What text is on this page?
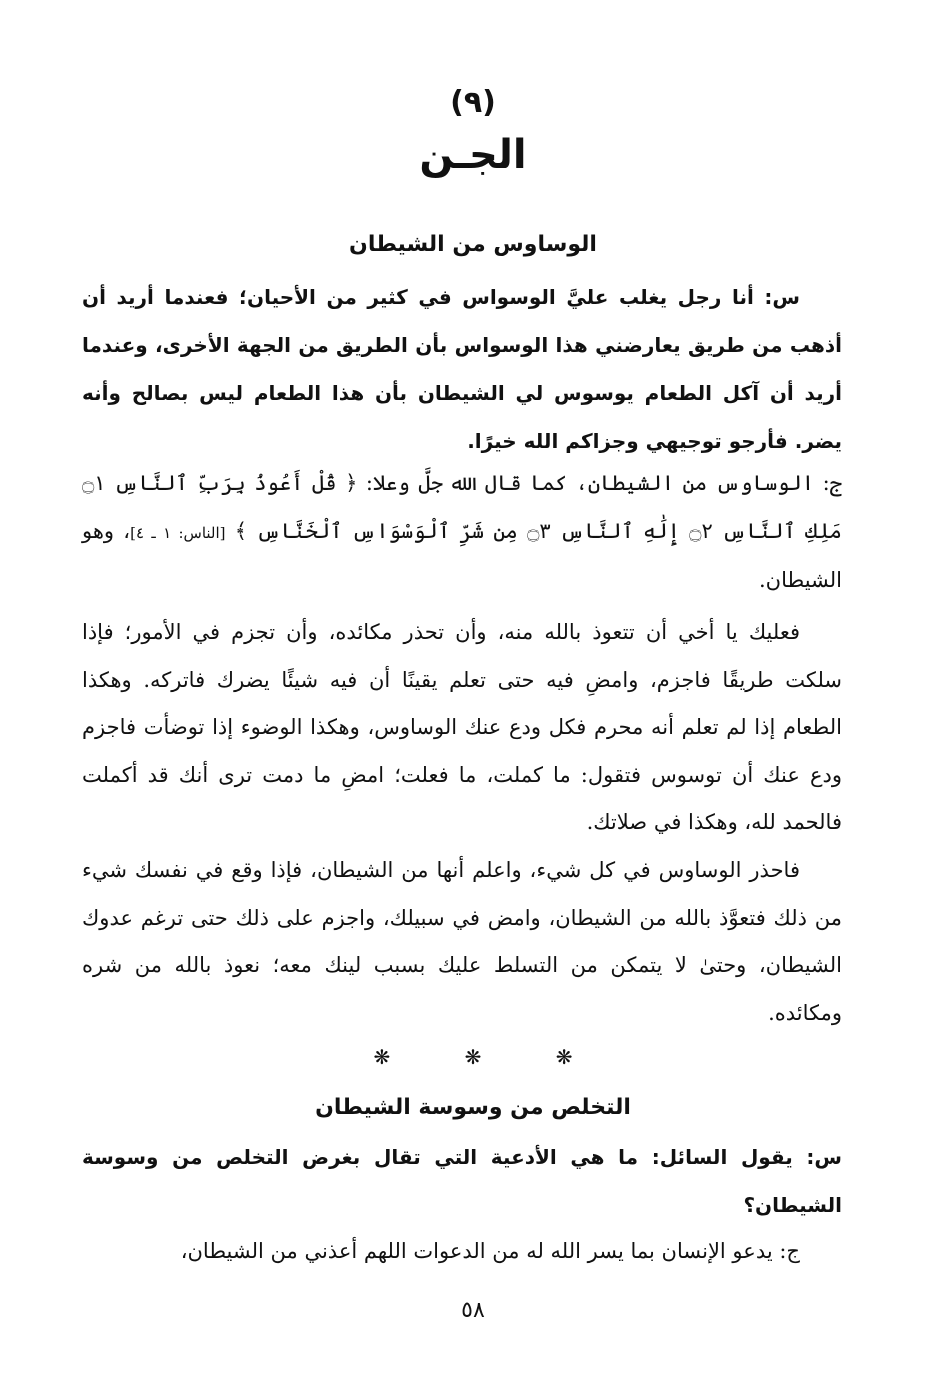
(٩)
الجـن
الوساوس من الشيطان
س: أنا رجل يغلب عليَّ الوسواس في كثير من الأحيان؛ فعندما أريد أن أذهب من طريق يعارضني هذا الوسواس بأن الطريق من الجهة الأخرى، وعندما أريد أن آكل الطعام يوسوس لي الشيطان بأن هذا الطعام ليس بصالح وأنه يضر. فأرجو توجيهي وجزاكم الله خيرًا.
ج: الوساوس من الشيطان، كما قال الله جلَّ وعلا: ﴿ قُلْ أَعُوذُ بِرَبِّ ٱلنَّاسِ ۝١ مَلِكِ ٱلنَّاسِ ۝٢ إِلَٰهِ ٱلنَّاسِ ۝٣ مِن شَرِّ ٱلْوَسْوَاسِ ٱلْخَنَّاسِ ﴾ [الناس: ١ ـ ٤]، وهو الشيطان.
فعليك يا أخي أن تتعوذ بالله منه، وأن تحذر مكائده، وأن تجزم في الأمور؛ فإذا سلكت طريقًا فاجزم، وامضِ فيه حتى تعلم يقينًا أن فيه شيئًا يضرك فاتركه. وهكذا الطعام إذا لم تعلم أنه محرم فكل ودع عنك الوساوس، وهكذا الوضوء إذا توضأت فاجزم ودع عنك أن توسوس فتقول: ما كملت، ما فعلت؛ امضِ ما دمت ترى أنك قد أكملت فالحمد لله، وهكذا في صلاتك.
فاحذر الوساوس في كل شيء، واعلم أنها من الشيطان، فإذا وقع في نفسك شيء من ذلك فتعوَّذ بالله من الشيطان، وامض في سبيلك، واجزم على ذلك حتى ترغم عدوك الشيطان، وحتىٰ لا يتمكن من التسلط عليك بسبب لينك معه؛ نعوذ بالله من شره ومكائده.
❋ ❋ ❋
التخلص من وسوسة الشيطان
س: يقول السائل: ما هي الأدعية التي تقال بغرض التخلص من وسوسة الشيطان؟
ج: يدعو الإنسان بما يسر الله له من الدعوات اللهم أعذني من الشيطان،
٥٨
